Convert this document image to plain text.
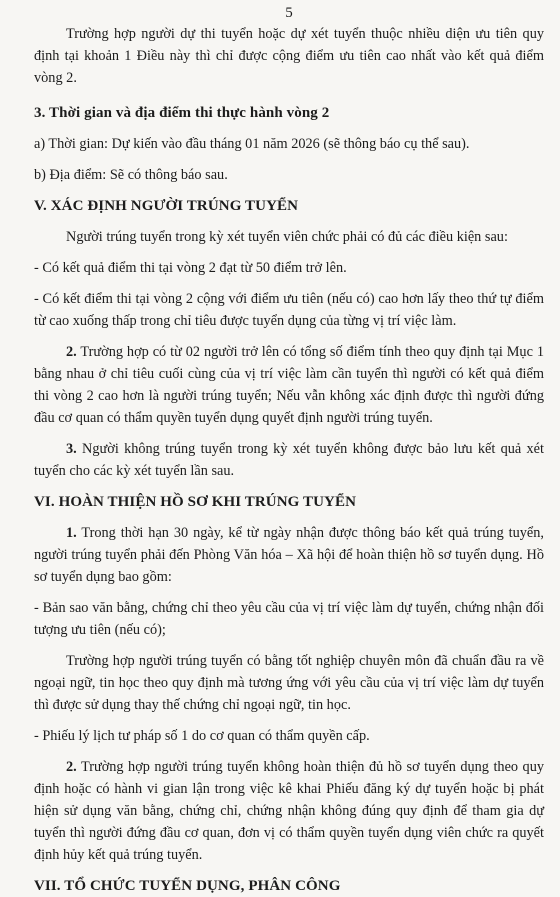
5
Trường hợp người dự thi tuyển hoặc dự xét tuyển thuộc nhiều diện ưu tiên quy định tại khoản 1 Điều này thì chỉ được cộng điểm ưu tiên cao nhất vào kết quả điểm vòng 2.
3. Thời gian và địa điểm thi thực hành vòng 2
a) Thời gian: Dự kiến vào đầu tháng 01 năm 2026 (sẽ thông báo cụ thể sau).
b) Địa điểm: Sẽ có thông báo sau.
V. XÁC ĐỊNH NGƯỜI TRÚNG TUYỂN
Người trúng tuyển trong kỳ xét tuyển viên chức phải có đủ các điều kiện sau:
- Có kết quả điểm thi tại vòng 2 đạt từ 50 điểm trở lên.
- Có kết điểm thi tại vòng 2 cộng với điểm ưu tiên (nếu có) cao hơn lấy theo thứ tự điểm từ cao xuống thấp trong chỉ tiêu được tuyển dụng của từng vị trí việc làm.
2. Trường hợp có từ 02 người trở lên có tổng số điểm tính theo quy định tại Mục 1 bằng nhau ở chỉ tiêu cuối cùng của vị trí việc làm cần tuyển thì người có kết quả điểm thi vòng 2 cao hơn là người trúng tuyển; Nếu vẫn không xác định được thì người đứng đầu cơ quan có thẩm quyền tuyển dụng quyết định người trúng tuyển.
3. Người không trúng tuyển trong kỳ xét tuyển không được bảo lưu kết quả xét tuyển cho các kỳ xét tuyển lần sau.
VI. HOÀN THIỆN HỒ SƠ KHI TRÚNG TUYỂN
1. Trong thời hạn 30 ngày, kể từ ngày nhận được thông báo kết quả trúng tuyển, người trúng tuyển phải đến Phòng Văn hóa – Xã hội để hoàn thiện hồ sơ tuyển dụng. Hồ sơ tuyển dụng bao gồm:
- Bản sao văn bằng, chứng chỉ theo yêu cầu của vị trí việc làm dự tuyển, chứng nhận đối tượng ưu tiên (nếu có);
Trường hợp người trúng tuyển có bằng tốt nghiệp chuyên môn đã chuẩn đầu ra về ngoại ngữ, tin học theo quy định mà tương ứng với yêu cầu của vị trí việc làm dự tuyển thì được sử dụng thay thế chứng chỉ ngoại ngữ, tin học.
- Phiếu lý lịch tư pháp số 1 do cơ quan có thẩm quyền cấp.
2. Trường hợp người trúng tuyển không hoàn thiện đủ hồ sơ tuyển dụng theo quy định hoặc có hành vi gian lận trong việc kê khai Phiếu đăng ký dự tuyển hoặc bị phát hiện sử dụng văn bằng, chứng chỉ, chứng nhận không đúng quy định để tham gia dự tuyển thì người đứng đầu cơ quan, đơn vị có thẩm quyền tuyển dụng viên chức ra quyết định hủy kết quả trúng tuyển.
VII. TỔ CHỨC TUYỂN DỤNG, PHÂN CÔNG
